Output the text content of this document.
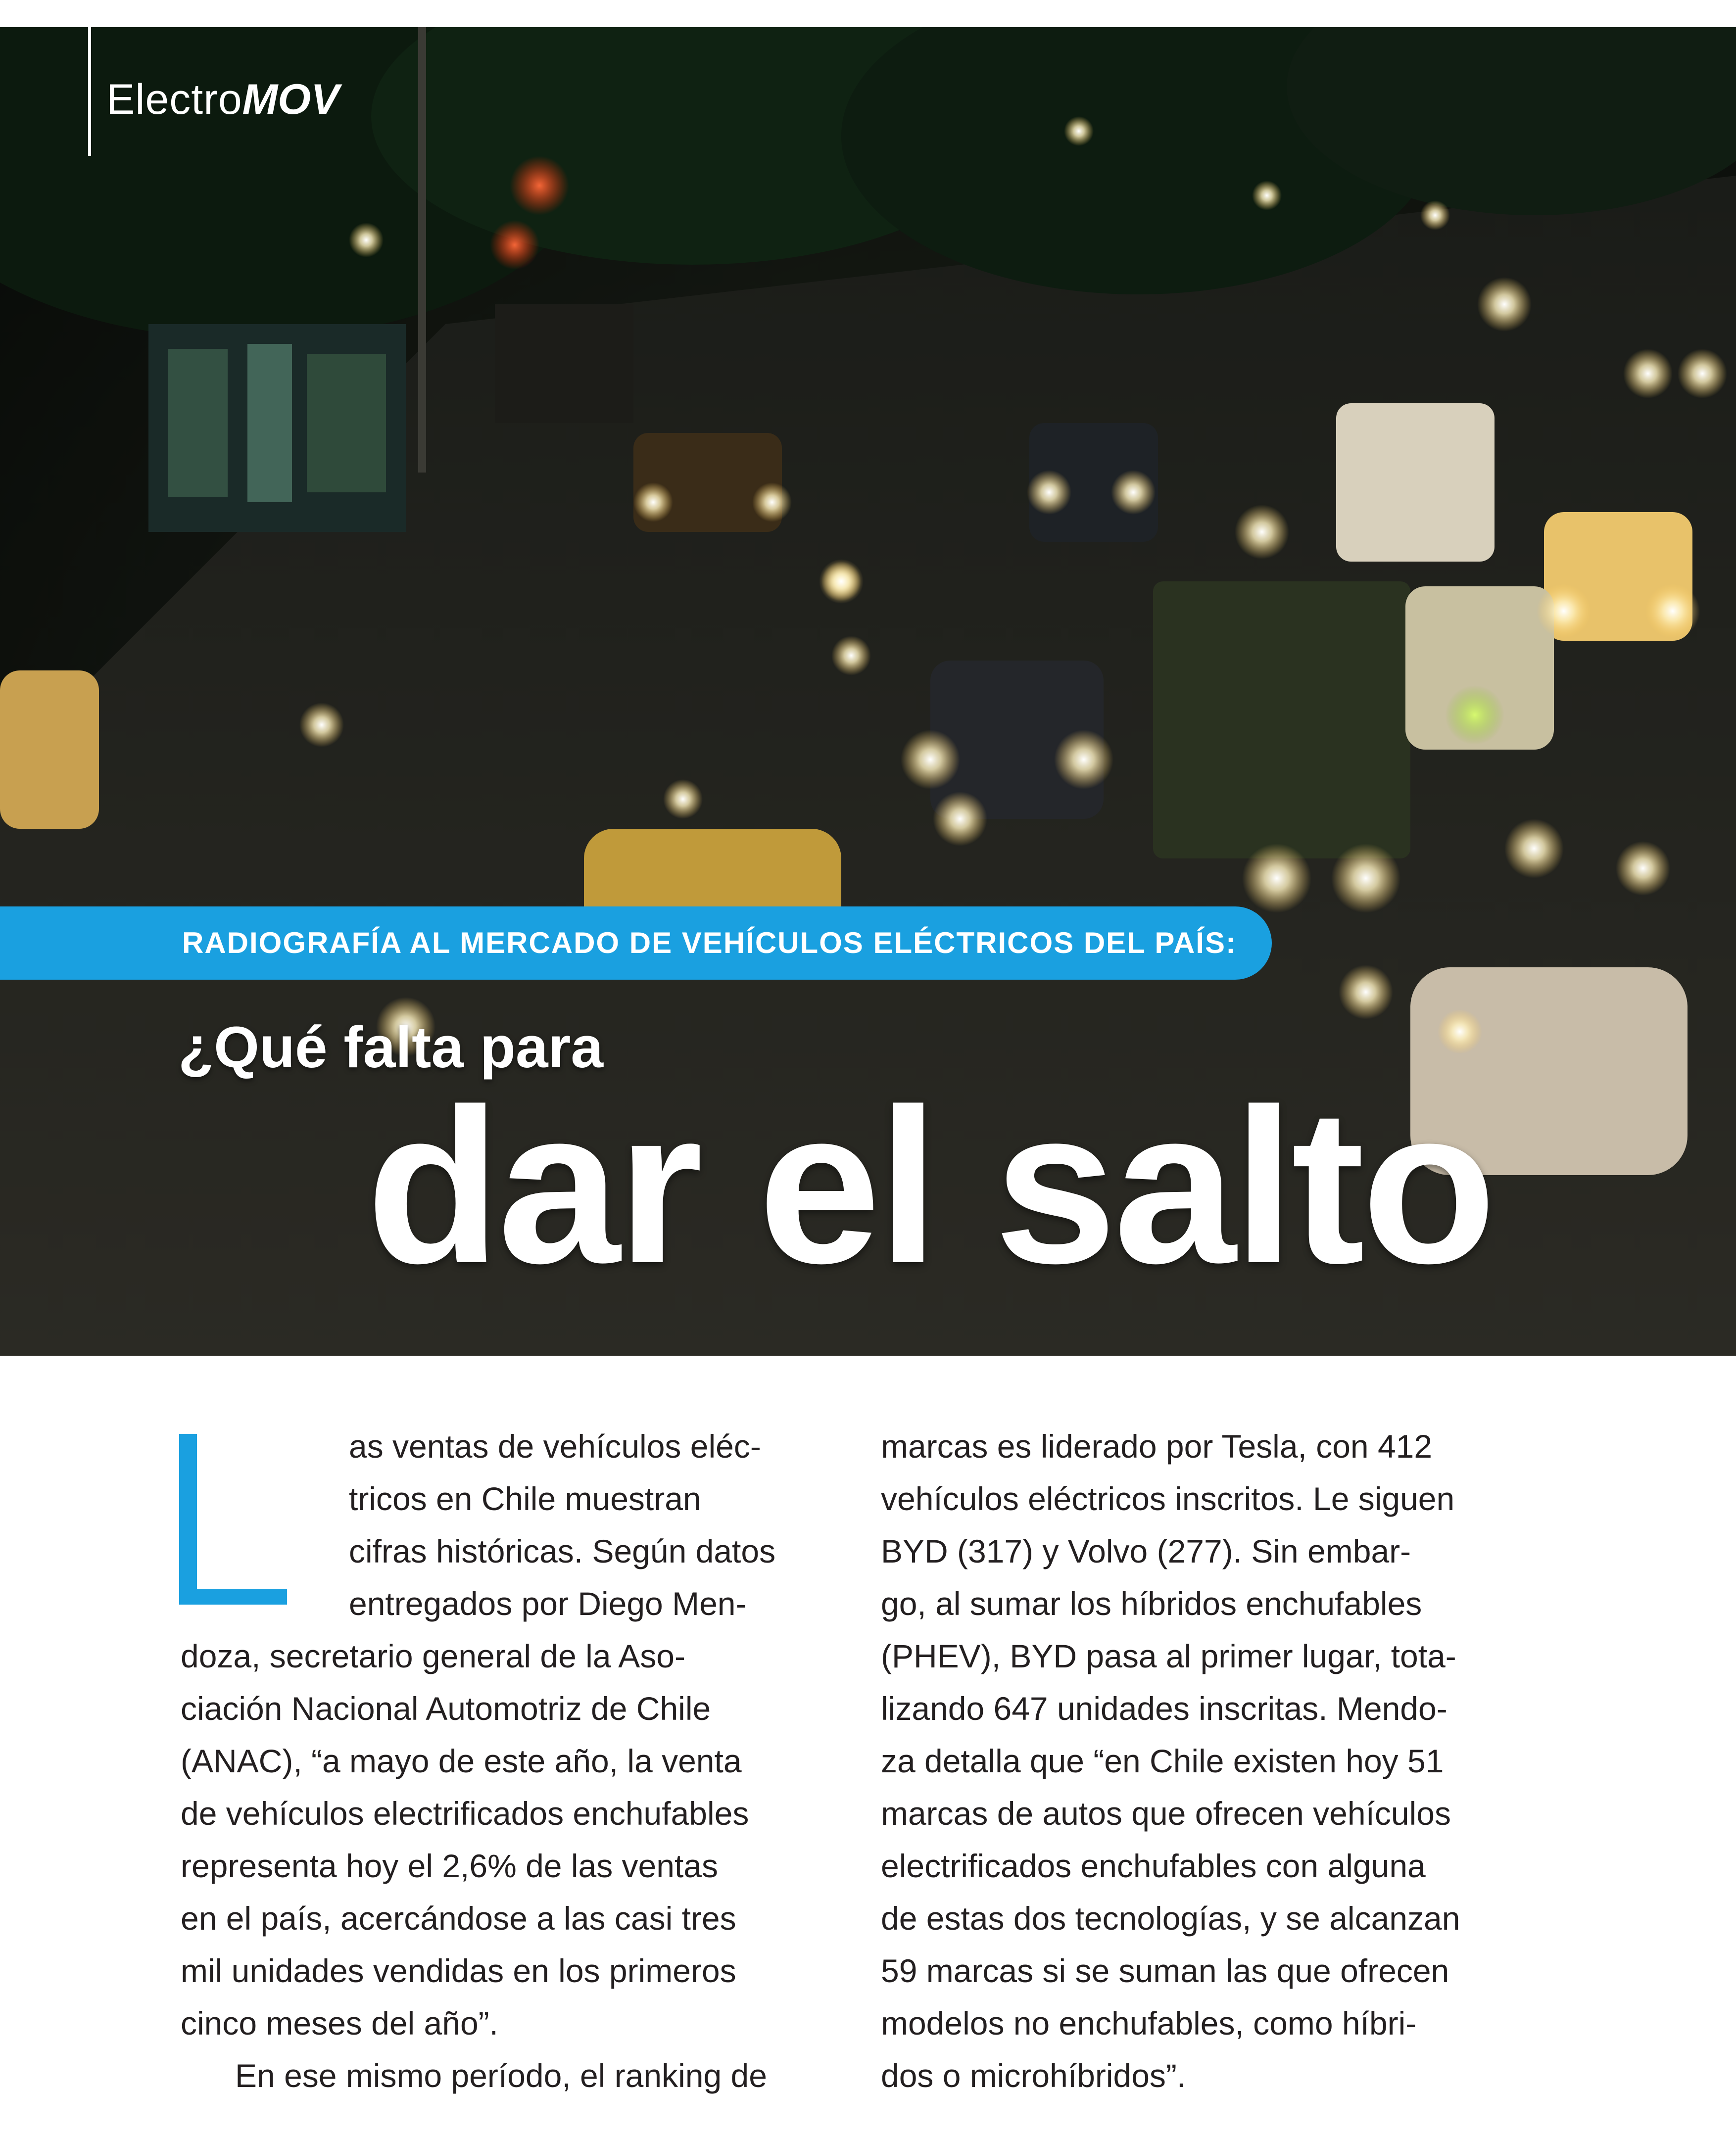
ElectroMOV
RADIOGRAFÍA AL MERCADO DE VEHÍCULOS ELÉCTRICOS DEL PAÍS:
¿Qué falta para
dar el salto
as ventas de vehículos eléc-
tricos en Chile muestran
cifras históricas. Según datos
entregados por Diego Men-
doza, secretario general de la Aso-
ciación Nacional Automotriz de Chile
(ANAC), “a mayo de este año, la venta
de vehículos electrificados enchufables
representa hoy el 2,6% de las ventas
en el país, acercándose a las casi tres
mil unidades vendidas en los primeros
cinco meses del año”.
En ese mismo período, el ranking de
marcas es liderado por Tesla, con 412
vehículos eléctricos inscritos. Le siguen
BYD (317) y Volvo (277). Sin embar-
go, al sumar los híbridos enchufables
(PHEV), BYD pasa al primer lugar, tota-
lizando 647 unidades inscritas. Mendo-
za detalla que “en Chile existen hoy 51
marcas de autos que ofrecen vehículos
electrificados enchufables con alguna
de estas dos tecnologías, y se alcanzan
59 marcas si se suman las que ofrecen
modelos no enchufables, como híbri-
dos o microhíbridos”.
